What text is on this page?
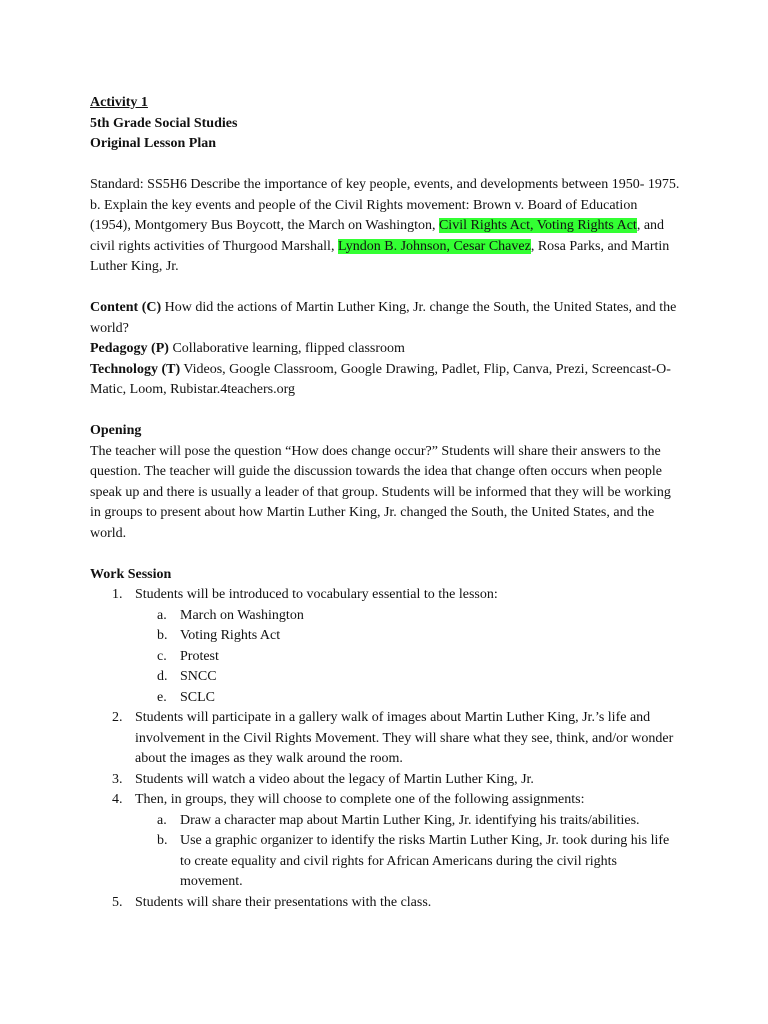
Activity 1

5th Grade Social Studies

Original Lesson Plan

Standard: SS5H6 Describe the importance of key people, events, and developments between 1950- 1975.

b. Explain the key events and people of the Civil Rights movement: Brown v. Board of Education (1954), Montgomery Bus Boycott, the March on Washington, Civil Rights Act, Voting Rights Act, and civil rights activities of Thurgood Marshall, Lyndon B. Johnson, Cesar Chavez, Rosa Parks, and Martin Luther King, Jr.

Content (C) How did the actions of Martin Luther King, Jr. change the South, the United States, and the world?

Pedagogy (P) Collaborative learning, flipped classroom

Technology (T) Videos, Google Classroom, Google Drawing, Padlet, Flip, Canva, Prezi, Screencast-O-Matic, Loom, Rubistar.4teachers.org

Opening

The teacher will pose the question “How does change occur?” Students will share their answers to the question. The teacher will guide the discussion towards the idea that change often occurs when people speak up and there is usually a leader of that group. Students will be informed that they will be working in groups to present about how Martin Luther King, Jr. changed the South, the United States, and the world.

Work Session

1. Students will be introduced to vocabulary essential to the lesson:
a. March on Washington
b. Voting Rights Act
c. Protest
d. SNCC
e. SCLC
2. Students will participate in a gallery walk of images about Martin Luther King, Jr.’s life and involvement in the Civil Rights Movement. They will share what they see, think, and/or wonder about the images as they walk around the room.
3. Students will watch a video about the legacy of Martin Luther King, Jr.
4. Then, in groups, they will choose to complete one of the following assignments:
a. Draw a character map about Martin Luther King, Jr. identifying his traits/abilities.
b. Use a graphic organizer to identify the risks Martin Luther King, Jr. took during his life to create equality and civil rights for African Americans during the civil rights movement.
5. Students will share their presentations with the class.
